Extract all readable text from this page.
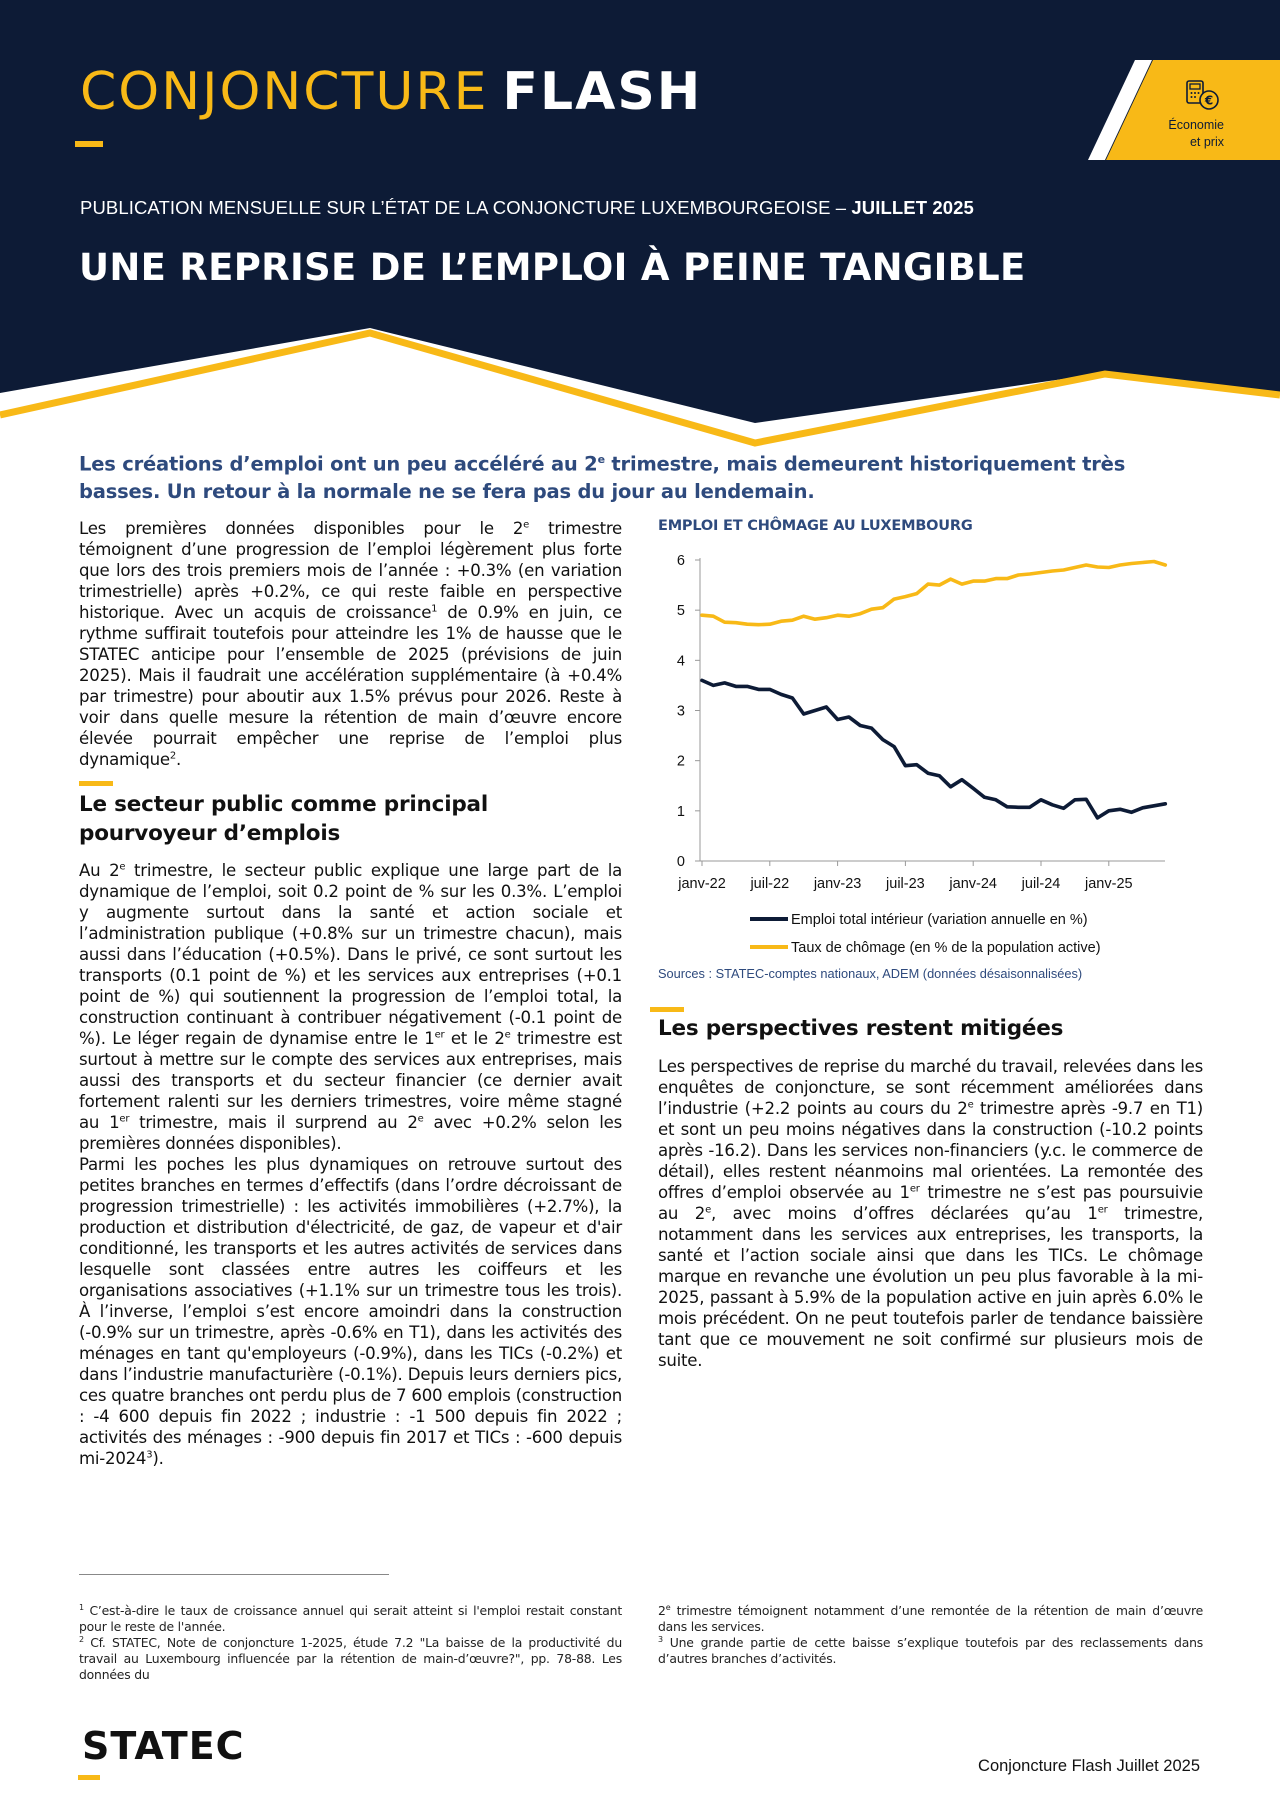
CONJONCTURE FLASH	€
Économie
et prix
PUBLICATION MENSUELLE SUR L’ÉTAT DE LA CONJONCTURE LUXEMBOURGEOISE – JUILLET 2025
UNE REPRISE DE L’EMPLOI À PEINE TANGIBLE

Les créations d’emploi ont un peu accéléré au 2e trimestre, mais demeurent historiquement très basses. Un retour à la normale ne se fera pas du jour au lendemain.

Les premières données disponibles pour le 2e trimestre témoignent d’une progression de l’emploi légèrement plus forte que lors des trois premiers mois de l’année : +0.3% (en variation trimestrielle) après +0.2%, ce qui reste faible en perspective historique. Avec un acquis de croissance$^1$ de 0.9% en juin, ce rythme suffirait toutefois pour atteindre les 1% de hausse que le STATEC anticipe pour l’ensemble de 2025 (prévisions de juin 2025). Mais il faudrait une accélération supplémentaire (à +0.4% par trimestre) pour aboutir aux 1.5% prévus pour 2026. Reste à voir dans quelle mesure la rétention de main d’œuvre encore élevée pourrait empêcher une reprise de l’emploi plus dynamique$^2$.

Le secteur public comme principal pourvoyeur d’emplois

Au 2e trimestre, le secteur public explique une large part de la dynamique de l’emploi, soit 0.2 point de % sur les 0.3%. L’emploi y augmente surtout dans la santé et action sociale et l’administration publique (+0.8% sur un trimestre chacun), mais aussi dans l’éducation (+0.5%). Dans le privé, ce sont surtout les transports (0.1 point de %) et les services aux entreprises (+0.1 point de %) qui soutiennent la progression de l’emploi total, la construction continuant à contribuer négativement (-0.1 point de %). Le léger regain de dynamise entre le 1er et le 2e trimestre est surtout à mettre sur le compte des services aux entreprises, mais aussi des transports et du secteur financier (ce dernier avait fortement ralenti sur les derniers trimestres, voire même stagné au 1er trimestre, mais il surprend au 2e avec +0.2% selon les premières données disponibles).

Parmi les poches les plus dynamiques on retrouve surtout des petites branches en termes d’effectifs (dans l’ordre décroissant de progression trimestrielle) : les activités immobilières (+2.7%), la production et distribution d'électricité, de gaz, de vapeur et d'air conditionné, les transports et les autres activités de services dans lesquelle sont classées entre autres les coiffeurs et les organisations associatives (+1.1% sur un trimestre tous les trois). À l’inverse, l’emploi s’est encore amoindri dans la construction (-0.9% sur un trimestre, après -0.6% en T1), dans les activités des ménages en tant qu'employeurs (-0.9%), dans les TICs (-0.2%) et dans l’industrie manufacturière (-0.1%). Depuis leurs derniers pics, ces quatre branches ont perdu plus de 7 600 emplois (construction : -4 600 depuis fin 2022 ; industrie : -1 500 depuis fin 2022 ; activités des ménages : -900 depuis fin 2017 et TICs : -600 depuis mi-2024$^3$).

EMPLOI ET CHÔMAGE AU LUXEMBOURG
0
1
2
3
4
5
6
janv-22 juil-22 janv-23 juil-23 janv-24 juil-24 janv-25
Emploi total intérieur (variation annuelle en %)
Taux de chômage (en % de la population active)
Sources : STATEC-comptes nationaux, ADEM (données désaisonnalisées)
Les perspectives restent mitigées

Les perspectives de reprise du marché du travail, relevées dans les enquêtes de conjoncture, se sont récemment améliorées dans l’industrie (+2.2 points au cours du 2e trimestre après -9.7 en T1) et sont un peu moins négatives dans la construction (-10.2 points après -16.2). Dans les services non-financiers (y.c. le commerce de détail), elles restent néanmoins mal orientées. La remontée des offres d’emploi observée au 1er trimestre ne s’est pas poursuivie au 2e, avec moins d’offres déclarées qu’au 1er trimestre, notamment dans les services aux entreprises, les transports, la santé et l’action sociale ainsi que dans les TICs. Le chômage marque en revanche une évolution un peu plus favorable à la mi-2025, passant à 5.9% de la population active en juin après 6.0% le mois précédent. On ne peut toutefois parler de tendance baissière tant que ce mouvement ne soit confirmé sur plusieurs mois de suite.

$^1$ C’est-à-dire le taux de croissance annuel qui serait atteint si l'emploi restait constant pour le reste de l'année.
$^2$ Cf. STATEC, Note de conjoncture 1-2025, étude 7.2 "La baisse de la productivité du travail au Luxembourg influencée par la rétention de main-d’œuvre?", pp. 78-88. Les données du
2e trimestre témoignent notamment d’une remontée de la rétention de main d’œuvre dans les services.
$^3$ Une grande partie de cette baisse s’explique toutefois par des reclassements dans d’autres branches d’activités.
STATEC	Conjoncture Flash Juillet 2025
